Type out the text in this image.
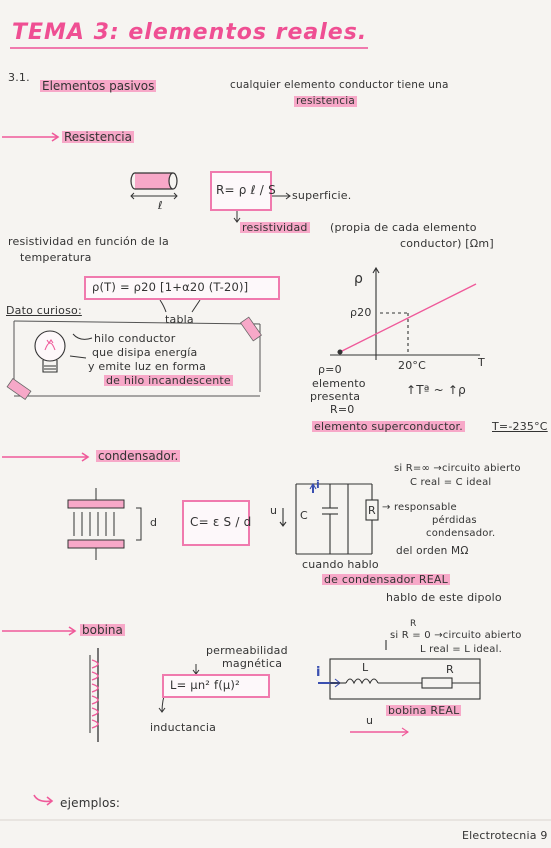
TEMA 3: elementos reales.
3.1.
Elementos pasivos	cualquier elemento conductor tiene una
resistencia
Resistencia
ℓ
R= ρ ℓ / S superficie.
resistividad (propia de cada elemento
conductor) [Ωm]
resistividad en función de la
temperatura
ρ(T) = ρ20 [1+α20 (T-20)]
tabla
Dato curioso:
hilo conductor
que disipa energía
y emite luz en forma
de hilo incandescente
ρ
ρ20
20°C	T
ρ=0
elemento
presenta
R=0
↑Tª ~ ↑ρ
elemento superconductor.	T=-235°C
condensador.
d	C= ε S / d
u
i
C	R
si R=∞ →circuito abierto
C real = C ideal
→ responsable
pérdidas
condensador.
del orden MΩ
cuando hablo
de condensador REAL
hablo de este dipolo
bobina
permeabilidad
magnética
L= μn² f(μ)²
inductancia
R
si R = 0 →circuito abierto
L real = L ideal.
i	L	R
bobina REAL
u
ejemplos:
Electrotecnia 9
